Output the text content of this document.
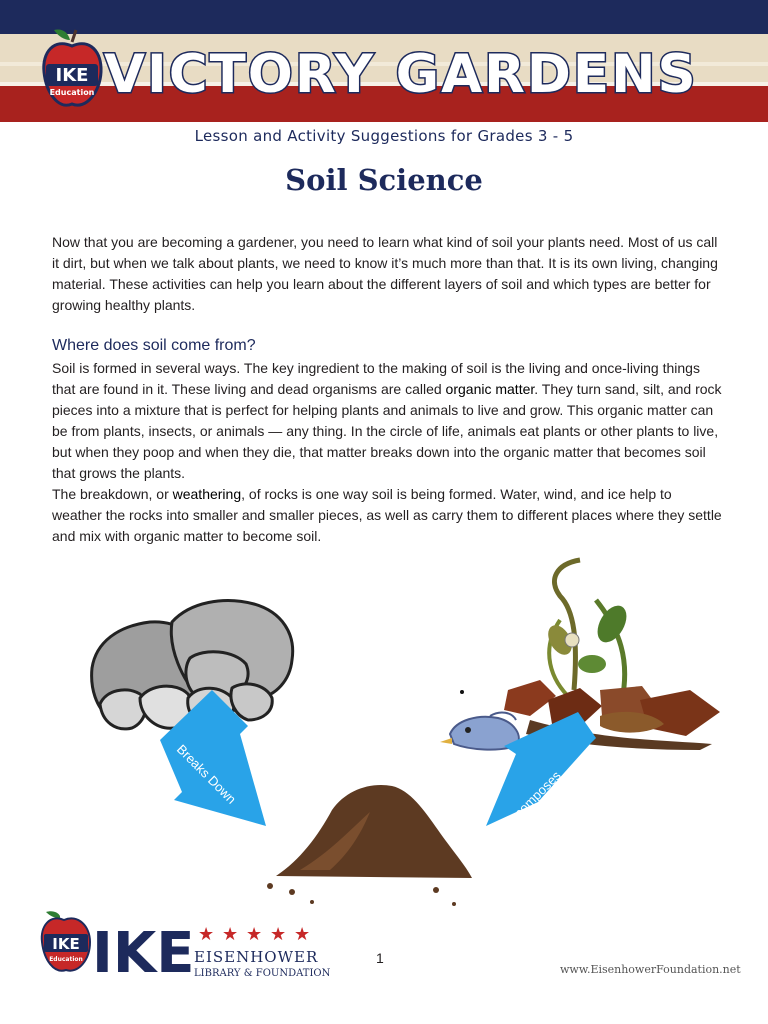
VICTORY GARDENS
IKE
Education
Lesson and Activity Suggestions for Grades 3 - 5
Soil Science

Now that you are becoming a gardener, you need to learn what kind of soil your plants need. Most of us call it dirt, but when we talk about plants, we need to know it’s much more than that. It is its own living, changing material. These activities can help you learn about the different layers of soil and which types are better for growing healthy plants.

Where does soil come from?

Soil is formed in several ways. The key ingredient to the making of soil is the living and once-living things that are found in it. These living and dead organisms are called organic matter. They turn sand, silt, and rock pieces into a mixture that is perfect for helping plants and animals to live and grow. This organic matter can be from plants, insects, or animals — any thing. In the circle of life, animals eat plants or other plants to live, but when they poop and when they die, that matter breaks down into the organic matter that becomes soil that grows the plants.

The breakdown, or weathering, of rocks is one way soil is being formed. Water, wind, and ice help to weather the rocks into smaller and smaller pieces, as well as carry them to different places where they settle and mix with organic matter to become soil.

Breaks Down	Decomposes
IKE
Education IKE ★ ★ ★ ★ ★
EISENHOWER
LIBRARY & FOUNDATION
1
www.EisenhowerFoundation.net
